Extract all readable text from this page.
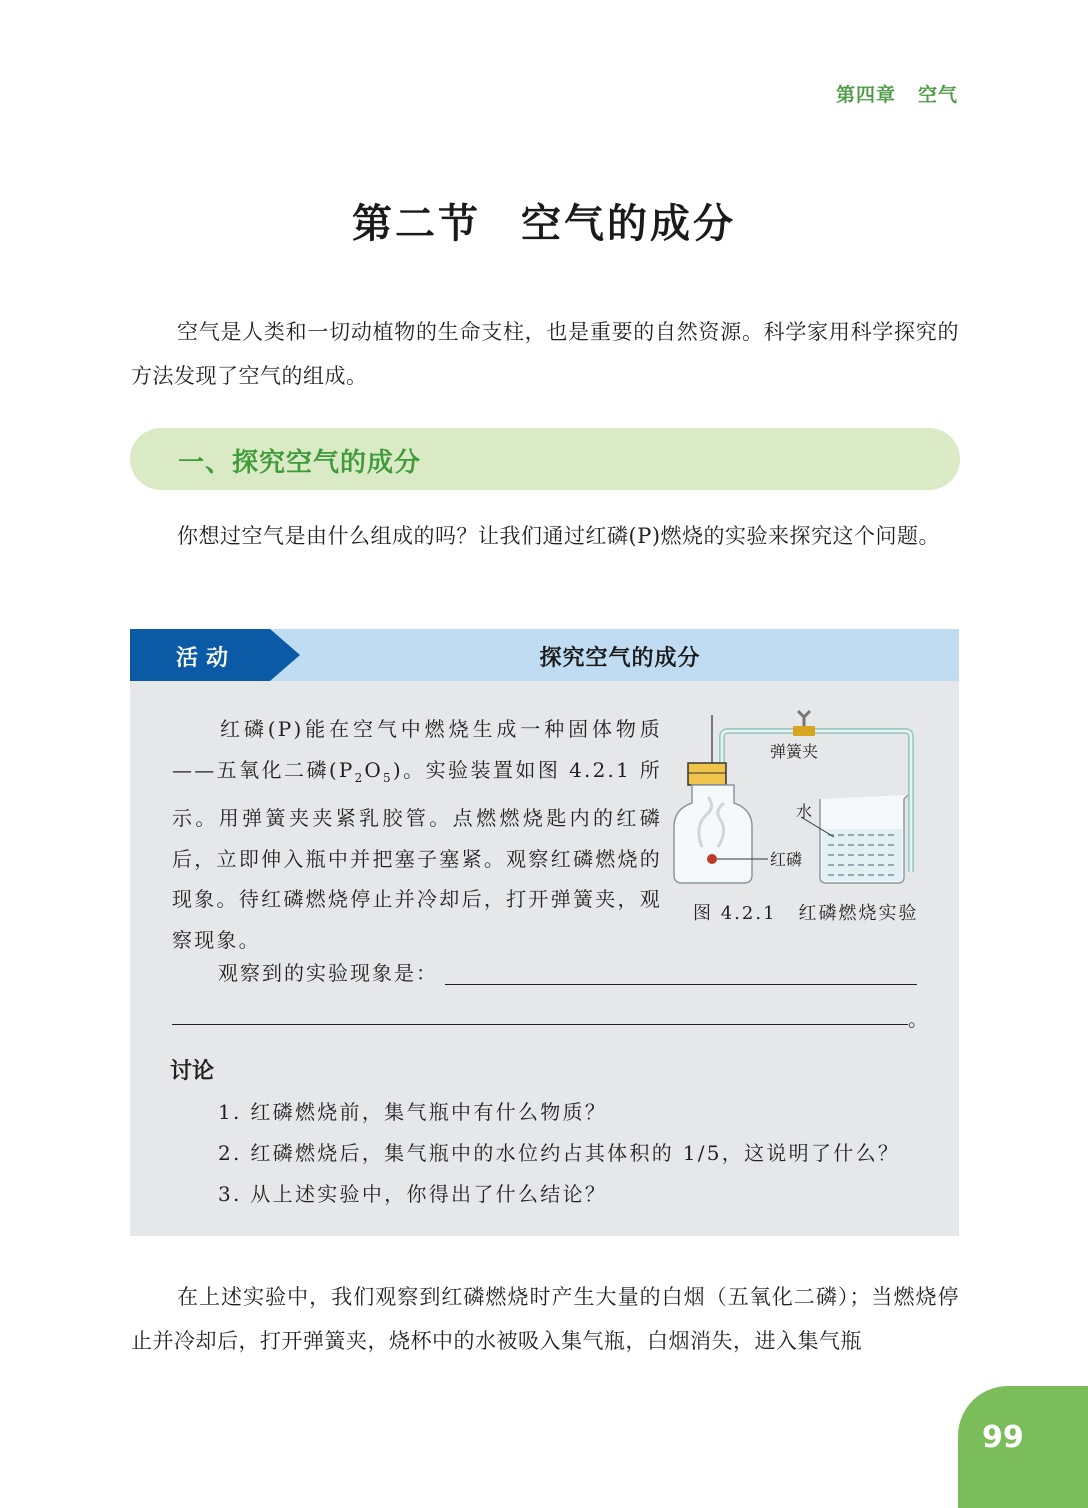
第四章 空气
第二节 空气的成分

空气是人类和一切动植物的生命支柱，也是重要的自然资源。科学家用科学探究的方法发现了空气的组成。

一、探究空气的成分

你想过空气是由什么组成的吗？让我们通过红磷(P)燃烧的实验来探究这个问题。

活动	探究空气的成分

红磷(P)能在空气中燃烧生成一种固体物质——五氧化二磷$(P_2O_5)$。实验装置如图 4.2.1 所示。用弹簧夹夹紧乳胶管。点燃燃烧匙内的红磷后，立即伸入瓶中并把塞子塞紧。观察红磷燃烧的现象。待红磷燃烧停止并冷却后，打开弹簧夹，观察现象。

弹簧夹
水
红磷
图 4.2.1 红磷燃烧实验
观察到的实验现象是：
。
讨论
1. 红磷燃烧前，集气瓶中有什么物质？
2. 红磷燃烧后，集气瓶中的水位约占其体积的 1/5，这说明了什么？
3. 从上述实验中，你得出了什么结论？

在上述实验中，我们观察到红磷燃烧时产生大量的白烟（五氧化二磷）；当燃烧停止并冷却后，打开弹簧夹，烧杯中的水被吸入集气瓶，白烟消失，进入集气瓶

99
